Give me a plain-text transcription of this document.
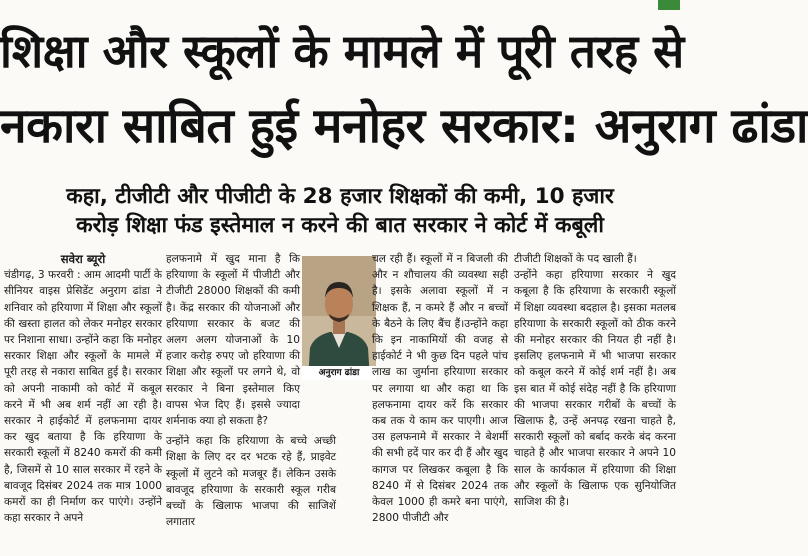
शिक्षा और स्कूलों के मामले में पूरी तरह से
नकारा साबित हुई मनोहर सरकार: अनुराग ढांडा
कहा, टीजीटी और पीजीटी के 28 हजार शिक्षकों की कमी, 10 हजार
करोड़ शिक्षा फंड इस्तेमाल न करने की बात सरकार ने कोर्ट में कबूली
सवेरा ब्यूरो

चंडीगढ़, 3 फरवरी : आम आदमी पार्टी के सीनियर वाइस प्रेसिडेंट अनुराग ढांडा ने शनिवार को हरियाणा में शिक्षा और स्कूलों की खस्ता हालत को लेकर मनोहर सरकार पर निशाना साधा। उन्होंने कहा कि मनोहर सरकार शिक्षा और स्कूलों के मामले में पूरी तरह से नकारा साबित हुई है। सरकार को अपनी नाकामी को कोर्ट में कबूल करने में भी अब शर्म नहीं आ रही है। सरकार ने हाईकोर्ट में हलफनामा दायर कर खुद बताया है कि हरियाणा के सरकारी स्कूलों में 8240 कमरों की कमी है, जिसमें से 10 साल सरकार में रहने के बावजूद दिसंबर 2024 तक मात्र 1000 कमरों का ही निर्माण कर पाएंगे। उन्होंने कहा सरकार ने अपने

हलफनामे में खुद माना है कि हरियाणा के स्कूलों में पीजीटी और टीजीटी 28000 शिक्षकों की कमी है। केंद्र सरकार की योजनाओं और हरियाणा सरकार के बजट की अलग अलग योजनाओं के 10 हजार करोड़ रुपए जो हरियाणा की शिक्षा और स्कूलों पर लगने थे, वो सरकार ने बिना इस्तेमाल किए वापस भेज दिए हैं। इससे ज्यादा शर्मनाक क्या हो सकता है?

उन्होंने कहा कि हरियाणा के बच्चे अच्छी शिक्षा के लिए दर दर भटक रहे हैं, प्राइवेट स्कूलों में लुटने को मजबूर हैं। लेकिन उसके बावजूद हरियाणा के सरकारी स्कूल गरीब बच्चों के खिलाफ भाजपा की साजिशें लगातार

अनुराग ढांडा

चल रही हैं। स्कूलों में न बिजली की और न शौचालय की व्यवस्था सही है। इसके अलावा स्कूलों में न शिक्षक हैं, न कमरे हैं और न बच्चों के बैठने के लिए बैंच हैं।उन्होंने कहा कि इन नाकामियों की वजह से हाईकोर्ट ने भी कुछ दिन पहले पांच लाख का जुर्माना हरियाणा सरकार पर लगाया था और कहा था कि हलफनामा दायर करें कि सरकार कब तक ये काम कर पाएगी। आज उस हलफनामे में सरकार ने बेशर्मी की सभी हदें पार कर दी हैं और खुद कागज पर लिखकर कबूला है कि 8240 में से दिसंबर 2024 तक केवल 1000 ही कमरे बना पाएंगे, 2800 पीजीटी और

टीजीटी शिक्षकों के पद खाली हैं।

उन्होंने कहा हरियाणा सरकार ने खुद कबूला है कि हरियाणा के सरकारी स्कूलों में शिक्षा व्यवस्था बदहाल है। इसका मतलब हरियाणा के सरकारी स्कूलों को ठीक करने की मनोहर सरकार की नियत ही नहीं है। इसलिए हलफनामे में भी भाजपा सरकार को कबूल करने में कोई शर्म नहीं है। अब इस बात में कोई संदेह नहीं है कि हरियाणा की भाजपा सरकार गरीबों के बच्चों के खिलाफ है, उन्हें अनपढ़ रखना चाहते है, सरकारी स्कूलों को बर्बाद करके बंद करना चाहते है और भाजपा सरकार ने अपने 10 साल के कार्यकाल में हरियाणा की शिक्षा और स्कूलों के खिलाफ एक सुनियोजित साजिश की है।
